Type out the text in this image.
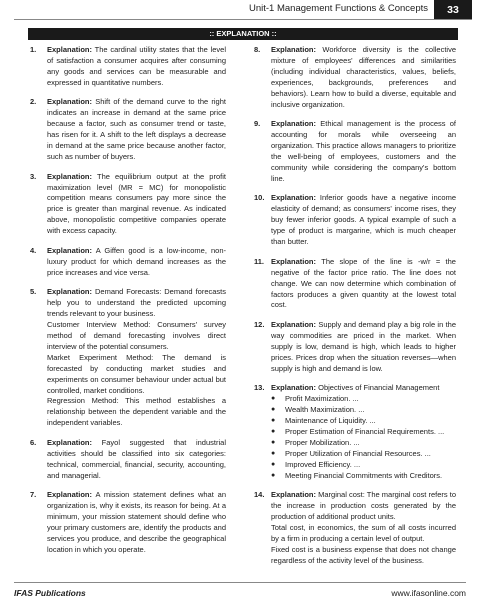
Unit-1 Management Functions & Concepts	33
:: EXPLANATION ::
1.	Explanation: The cardinal utility states that the level of satisfaction a consumer acquires after consuming any goods and services can be measurable and expressed in quantitative numbers.

2.	Explanation: Shift of the demand curve to the right indicates an increase in demand at the same price because a factor, such as consumer trend or taste, has risen for it. A shift to the left displays a decrease in demand at the same price because another factor, such as number of buyers.

3.	Explanation: The equilibrium output at the profit maximization level (MR = MC) for monopolistic competition means consumers pay more since the price is greater than marginal revenue. As indicated above, monopolistic competitive companies operate with excess capacity.

4.	Explanation: A Giffen good is a low-income, non-luxury product for which demand increases as the price increases and vice versa.

5.	Explanation: Demand Forecasts: Demand forecasts help you to understand the predicted upcoming trends relevant to your business.

Customer Interview Method: Consumers' survey method of demand forecasting involves direct interview of the potential consumers.

Market Experiment Method: The demand is forecasted by conducting market studies and experiments on consumer behaviour under actual but controlled, market conditions.

Regression Method: This method establishes a relationship between the dependent variable and the independent variables.

6.	Explanation: Fayol suggested that industrial activities should be classified into six categories: technical, commercial, financial, security, accounting, and managerial.

7.	Explanation: A mission statement defines what an organization is, why it exists, its reason for being. At a minimum, your mission statement should define who your primary customers are, identify the products and services you produce, and describe the geographical location in which you operate.

8.	Explanation: Workforce diversity is the collective mixture of employees' differences and similarities (including individual characteristics, values, beliefs, experiences, backgrounds, preferences and behaviors). Learn how to build a diverse, equitable and inclusive organization.

9.	Explanation: Ethical management is the process of accounting for morals while overseeing an organization. This practice allows managers to prioritize the well-being of employees, customers and the community while considering the company's bottom line.

10. Explanation: Inferior goods have a negative income elasticity of demand; as consumers' income rises, they buy fewer inferior goods. A typical example of such a type of product is margarine, which is much cheaper than butter.

11. Explanation: The slope of the line is -w/r = the negative of the factor price ratio. The line does not change. We can now determine which combination of factors produces a given quantity at the lowest total cost.

12. Explanation: Supply and demand play a big role in the way commodities are priced in the market. When supply is low, demand is high, which leads to higher prices. Prices drop when the situation reverses—when supply is high and demand is low.

13. Explanation: Objectives of Financial Management

●	Profit Maximization. ...
●	Wealth Maximization. ...
●	Maintenance of Liquidity. ...
●	Proper Estimation of Financial Requirements. ...
●	Proper Mobilization. ...
●	Proper Utilization of Financial Resources. ...
●	Improved Efficiency. ...
●	Meeting Financial Commitments with Creditors.
14. Explanation: Marginal cost: The marginal cost refers to the increase in production costs generated by the production of additional product units.

Total cost, in economics, the sum of all costs incurred by a firm in producing a certain level of output.

Fixed cost is a business expense that does not change regardless of the activity level of the business.

IFAS Publications	www.ifasonline.com
